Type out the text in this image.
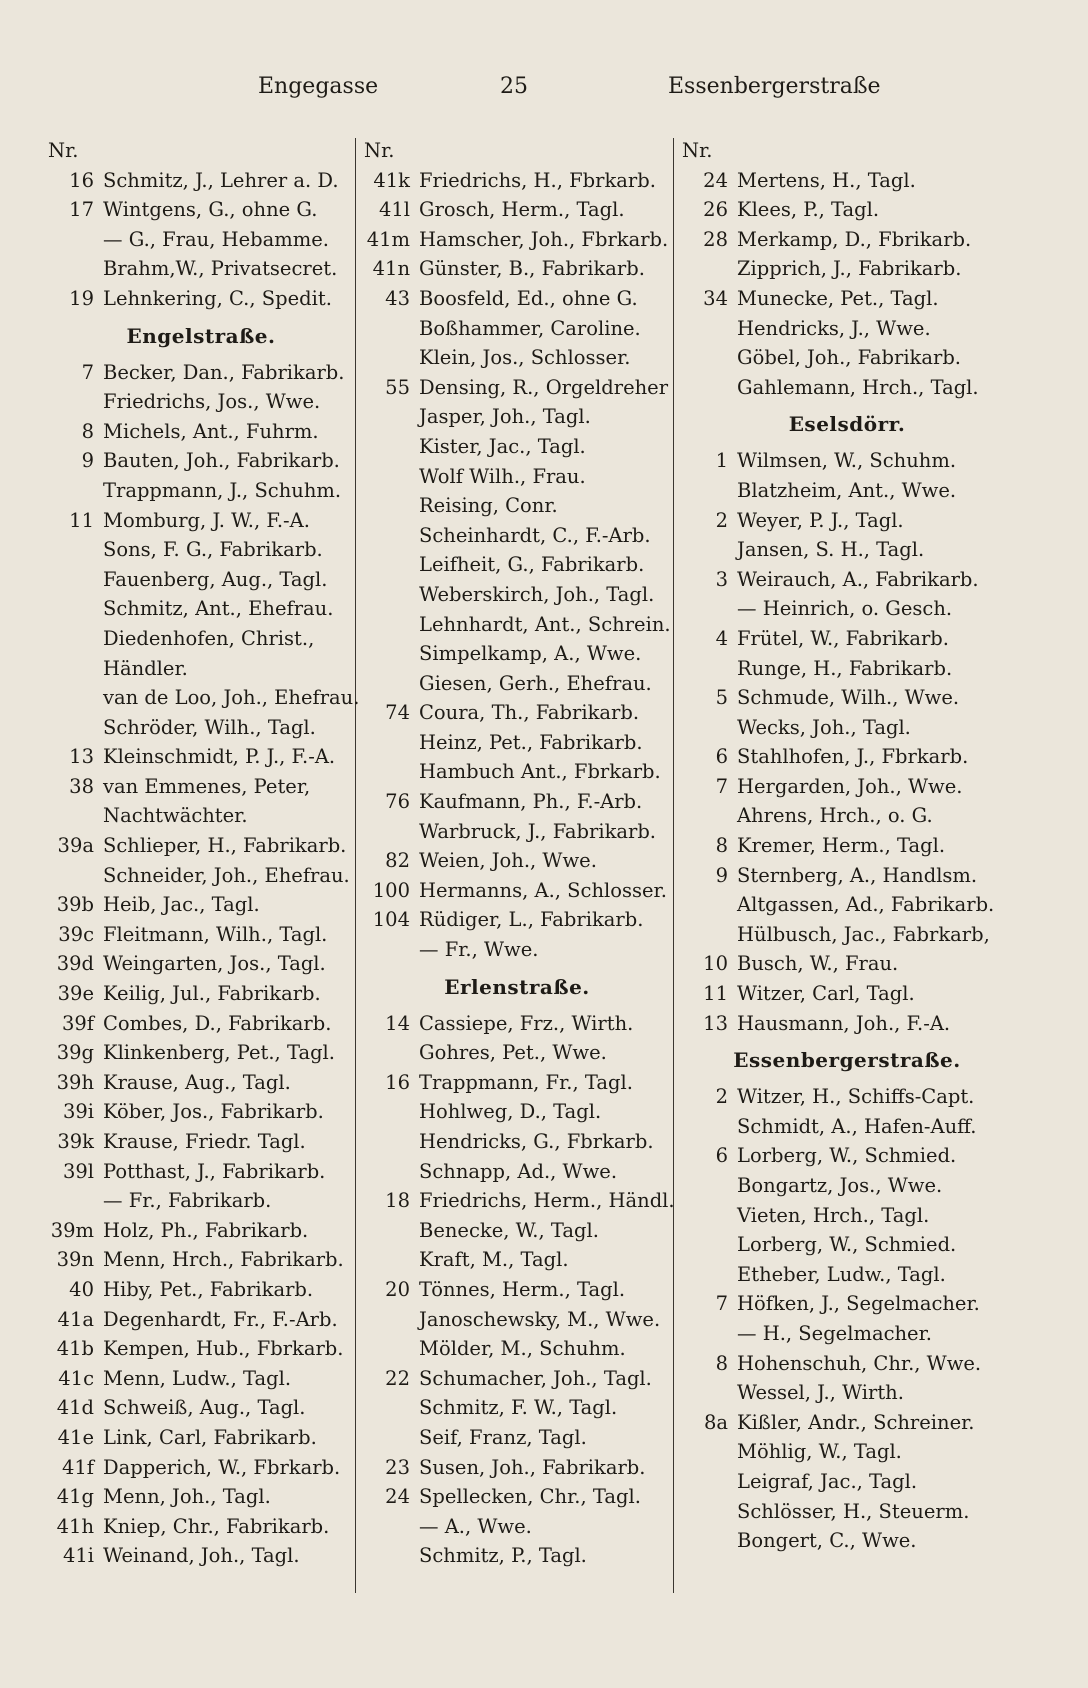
Engegasse	25	Essenbergerstraße
Nr.
16 Schmitz, J., Lehrer a. D.
17 Wintgens, G., ohne G.
— G., Frau, Hebamme.
Brahm,W., Privatsecret.
19 Lehnkering, C., Spedit.
Engelstraße.
7 Becker, Dan., Fabrikarb.
Friedrichs, Jos., Wwe.
8 Michels, Ant., Fuhrm.
9 Bauten, Joh., Fabrikarb.
Trappmann, J., Schuhm.
11 Momburg, J. W., F.-A.
Sons, F. G., Fabrikarb.
Fauenberg, Aug., Tagl.
Schmitz, Ant., Ehefrau.
Diedenhofen, Christ.,
Händler.
van de Loo, Joh., Ehefrau.
Schröder, Wilh., Tagl.
13 Kleinschmidt, P. J., F.-A.
38 van Emmenes, Peter,
Nachtwächter.
39a Schlieper, H., Fabrikarb.
Schneider, Joh., Ehefrau.
39b Heib, Jac., Tagl.
39c Fleitmann, Wilh., Tagl.
39d Weingarten, Jos., Tagl.
39e Keilig, Jul., Fabrikarb.
39f Combes, D., Fabrikarb.
39g Klinkenberg, Pet., Tagl.
39h Krause, Aug., Tagl.
39i Köber, Jos., Fabrikarb.
39k Krause, Friedr. Tagl.
39l Potthast, J., Fabrikarb.
— Fr., Fabrikarb.
39m Holz, Ph., Fabrikarb.
39n Menn, Hrch., Fabrikarb.
40 Hiby, Pet., Fabrikarb.
41a Degenhardt, Fr., F.-Arb.
41b Kempen, Hub., Fbrkarb.
41c Menn, Ludw., Tagl.
41d Schweiß, Aug., Tagl.
41e Link, Carl, Fabrikarb.
41f Dapperich, W., Fbrkarb.
41g Menn, Joh., Tagl.
41h Kniep, Chr., Fabrikarb.
41i Weinand, Joh., Tagl.
Nr.
41k Friedrichs, H., Fbrkarb.
41l Grosch, Herm., Tagl.
41m Hamscher, Joh., Fbrkarb.
41n Günster, B., Fabrikarb.
43 Boosfeld, Ed., ohne G.
Boßhammer, Caroline.
Klein, Jos., Schlosser.
55 Densing, R., Orgeldreher
Jasper, Joh., Tagl.
Kister, Jac., Tagl.
Wolf Wilh., Frau.
Reising, Conr.
Scheinhardt, C., F.-Arb.
Leifheit, G., Fabrikarb.
Weberskirch, Joh., Tagl.
Lehnhardt, Ant., Schrein.
Simpelkamp, A., Wwe.
Giesen, Gerh., Ehefrau.
74 Coura, Th., Fabrikarb.
Heinz, Pet., Fabrikarb.
Hambuch Ant., Fbrkarb.
76 Kaufmann, Ph., F.-Arb.
Warbruck, J., Fabrikarb.
82 Weien, Joh., Wwe.
100 Hermanns, A., Schlosser.
104 Rüdiger, L., Fabrikarb.
— Fr., Wwe.
Erlenstraße.
14 Cassiepe, Frz., Wirth.
Gohres, Pet., Wwe.
16 Trappmann, Fr., Tagl.
Hohlweg, D., Tagl.
Hendricks, G., Fbrkarb.
Schnapp, Ad., Wwe.
18 Friedrichs, Herm., Händl.
Benecke, W., Tagl.
Kraft, M., Tagl.
20 Tönnes, Herm., Tagl.
Janoschewsky, M., Wwe.
Mölder, M., Schuhm.
22 Schumacher, Joh., Tagl.
Schmitz, F. W., Tagl.
Seif, Franz, Tagl.
23 Susen, Joh., Fabrikarb.
24 Spellecken, Chr., Tagl.
— A., Wwe.
Schmitz, P., Tagl.
Nr.
24 Mertens, H., Tagl.
26 Klees, P., Tagl.
28 Merkamp, D., Fbrikarb.
Zipprich, J., Fabrikarb.
34 Munecke, Pet., Tagl.
Hendricks, J., Wwe.
Göbel, Joh., Fabrikarb.
Gahlemann, Hrch., Tagl.
Eselsdörr.
1 Wilmsen, W., Schuhm.
Blatzheim, Ant., Wwe.
2 Weyer, P. J., Tagl.
Jansen, S. H., Tagl.
3 Weirauch, A., Fabrikarb.
— Heinrich, o. Gesch.
4 Frütel, W., Fabrikarb.
Runge, H., Fabrikarb.
5 Schmude, Wilh., Wwe.
Wecks, Joh., Tagl.
6 Stahlhofen, J., Fbrkarb.
7 Hergarden, Joh., Wwe.
Ahrens, Hrch., o. G.
8 Kremer, Herm., Tagl.
9 Sternberg, A., Handlsm.
Altgassen, Ad., Fabrikarb.
Hülbusch, Jac., Fabrkarb,
10 Busch, W., Frau.
11 Witzer, Carl, Tagl.
13 Hausmann, Joh., F.-A.
Essenbergerstraße.
2 Witzer, H., Schiffs-Capt.
Schmidt, A., Hafen-Auff.
6 Lorberg, W., Schmied.
Bongartz, Jos., Wwe.
Vieten, Hrch., Tagl.
Lorberg, W., Schmied.
Etheber, Ludw., Tagl.
7 Höfken, J., Segelmacher.
— H., Segelmacher.
8 Hohenschuh, Chr., Wwe.
Wessel, J., Wirth.
8a Kißler, Andr., Schreiner.
Möhlig, W., Tagl.
Leigraf, Jac., Tagl.
Schlösser, H., Steuerm.
Bongert, C., Wwe.
